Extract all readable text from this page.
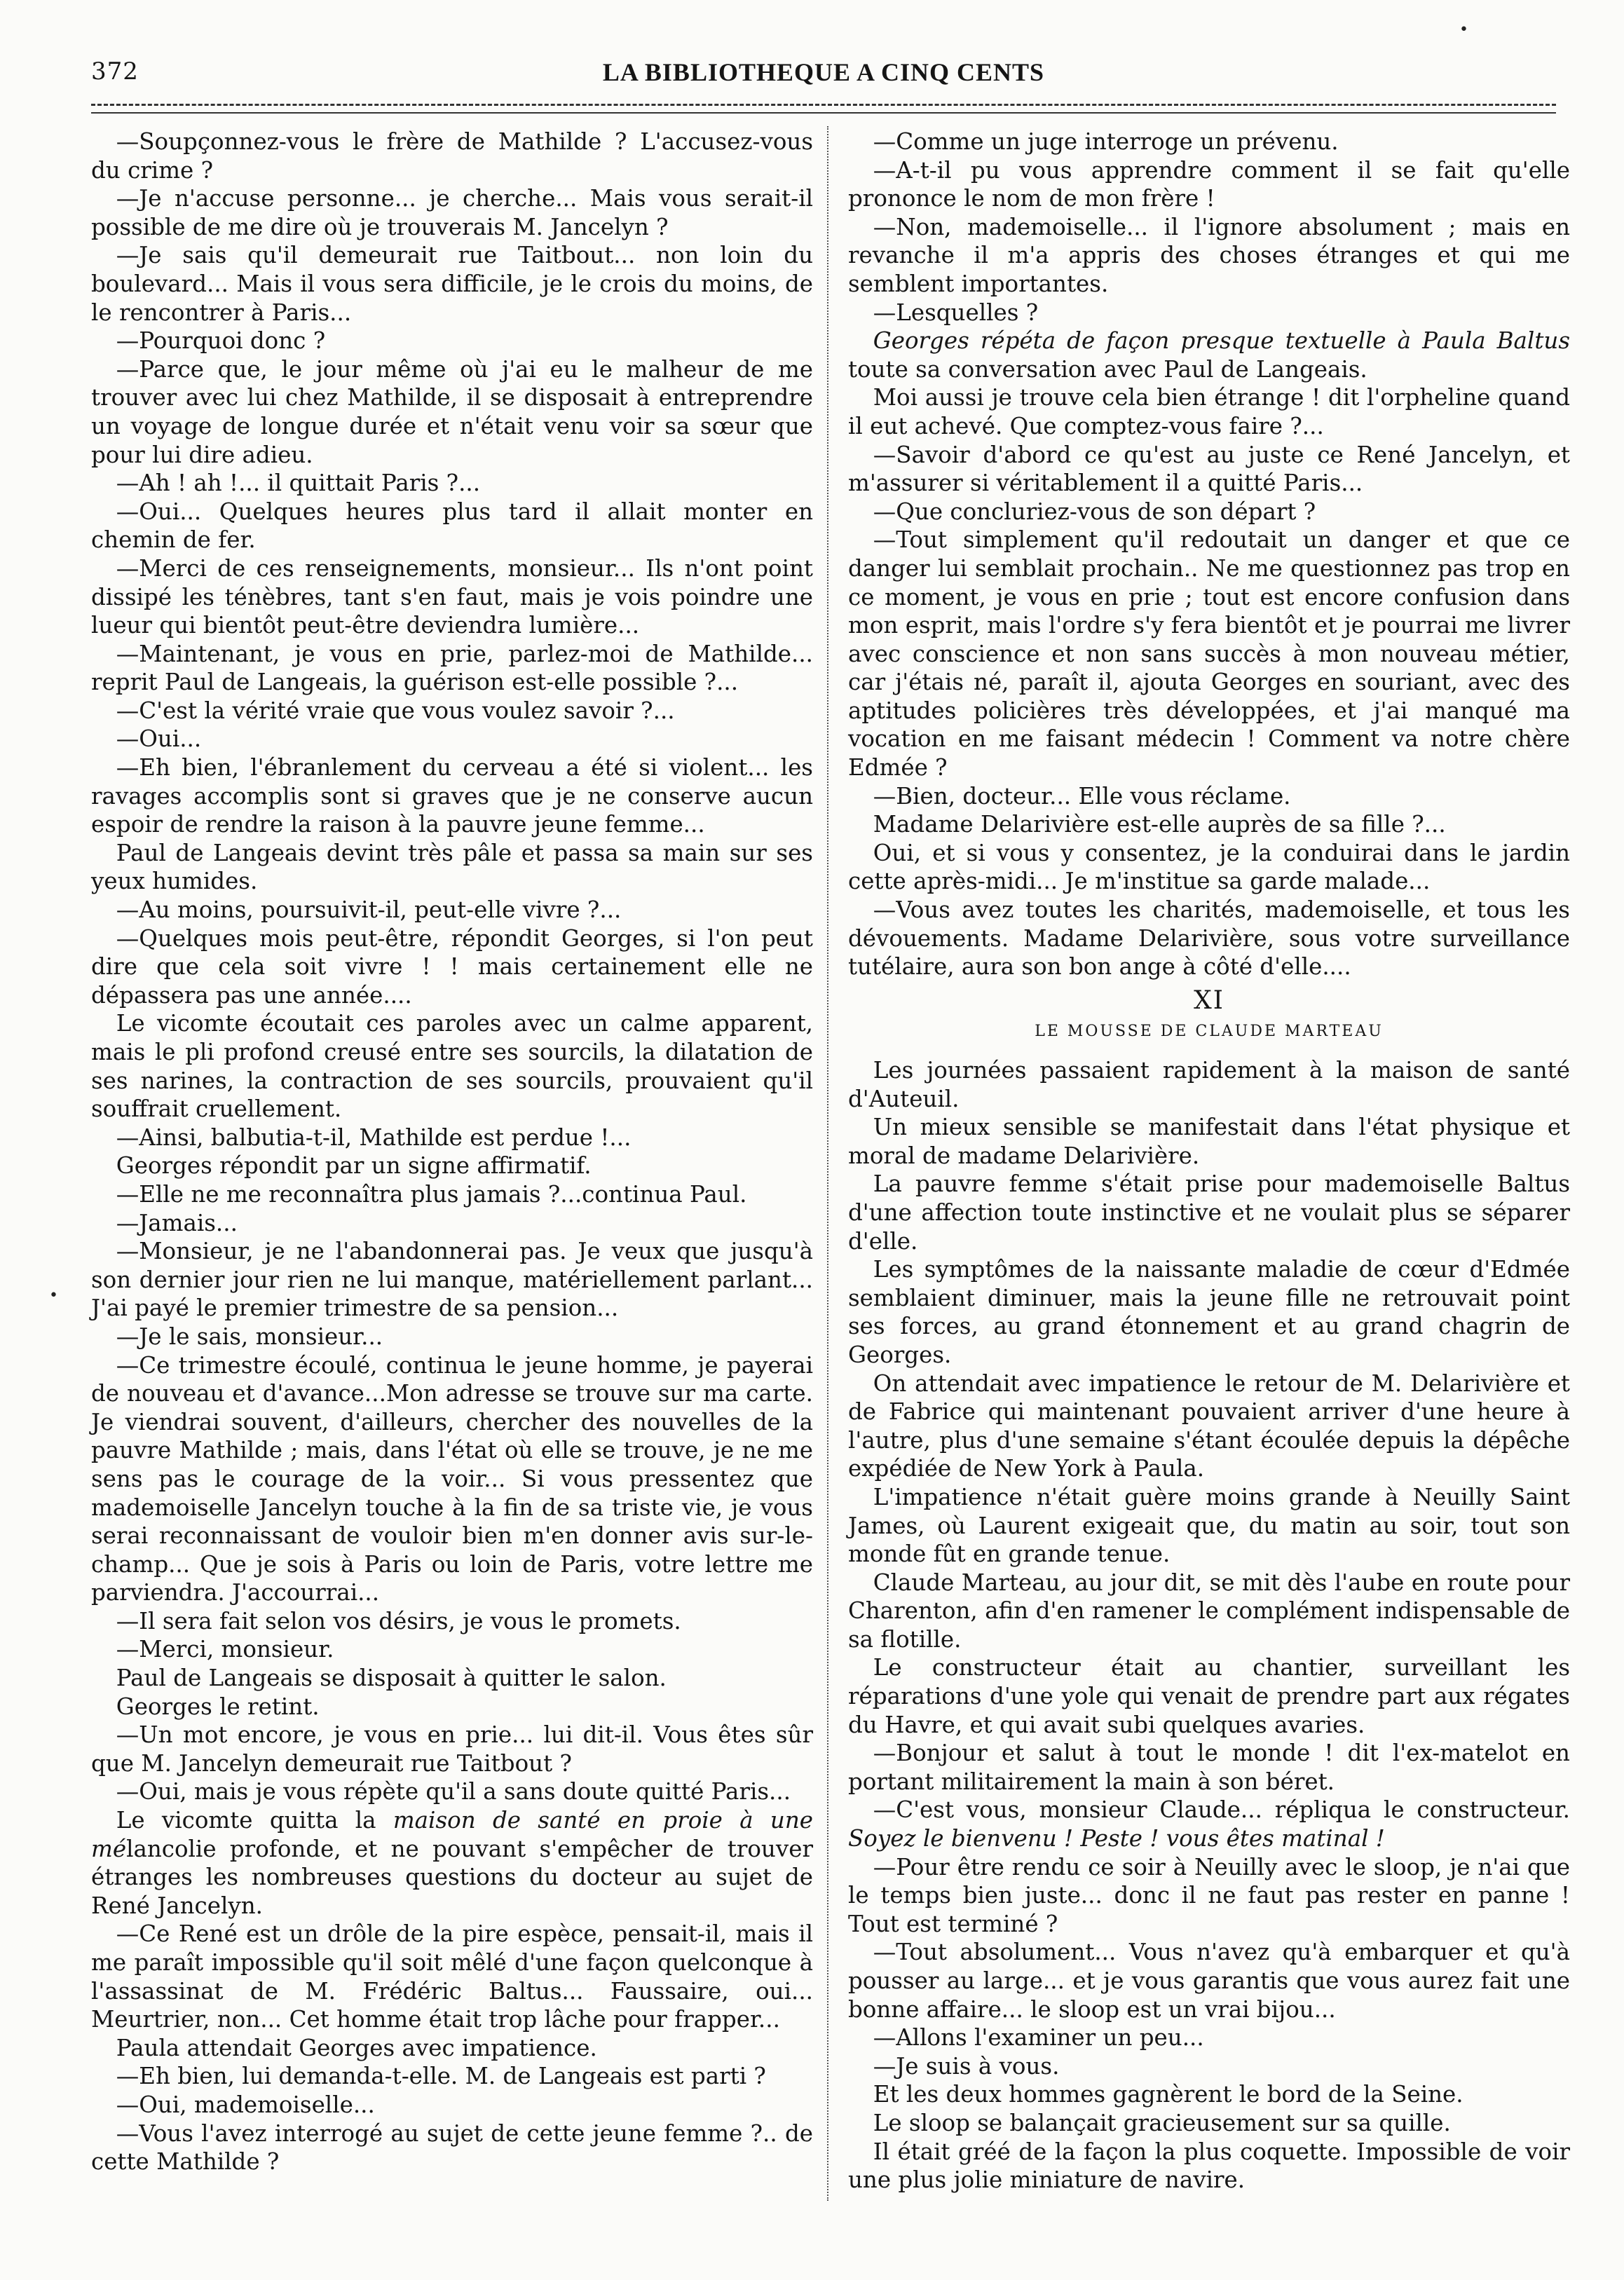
372	LA BIBLIOTHEQUE A CINQ CENTS

—Soupçonnez-vous le frère de Mathilde ? L'accusez-vous du crime ?

—Je n'accuse personne... je cherche... Mais vous serait-il possible de me dire où je trouverais M. Jancelyn ?

—Je sais qu'il demeurait rue Taitbout... non loin du boulevard... Mais il vous sera difficile, je le crois du moins, de le rencontrer à Paris...

—Pourquoi donc ?

—Parce que, le jour même où j'ai eu le malheur de me trouver avec lui chez Mathilde, il se disposait à entreprendre un voyage de longue durée et n'était venu voir sa sœur que pour lui dire adieu.

—Ah ! ah !... il quittait Paris ?...

—Oui... Quelques heures plus tard il allait monter en chemin de fer.

—Merci de ces renseignements, monsieur... Ils n'ont point dissipé les ténèbres, tant s'en faut, mais je vois poindre une lueur qui bientôt peut-être deviendra lumière...

—Maintenant, je vous en prie, parlez-moi de Mathilde... reprit Paul de Langeais, la guérison est-elle possible ?...

—C'est la vérité vraie que vous voulez savoir ?...

—Oui...

—Eh bien, l'ébranlement du cerveau a été si violent... les ravages accomplis sont si graves que je ne conserve aucun espoir de rendre la raison à la pauvre jeune femme...

Paul de Langeais devint très pâle et passa sa main sur ses yeux humides.

—Au moins, poursuivit-il, peut-elle vivre ?...

—Quelques mois peut-être, répondit Georges, si l'on peut dire que cela soit vivre ! ! mais certainement elle ne dépassera pas une année....

Le vicomte écoutait ces paroles avec un calme apparent, mais le pli profond creusé entre ses sourcils, la dilatation de ses narines, la contraction de ses sourcils, prouvaient qu'il souffrait cruellement.

—Ainsi, balbutia-t-il, Mathilde est perdue !...

Georges répondit par un signe affirmatif.

—Elle ne me reconnaîtra plus jamais ?...continua Paul.

—Jamais...

—Monsieur, je ne l'abandonnerai pas. Je veux que jusqu'à son dernier jour rien ne lui manque, matériellement parlant... J'ai payé le premier trimestre de sa pension...

—Je le sais, monsieur...

—Ce trimestre écoulé, continua le jeune homme, je payerai de nouveau et d'avance...Mon adresse se trouve sur ma carte. Je viendrai souvent, d'ailleurs, chercher des nouvelles de la pauvre Mathilde ; mais, dans l'état où elle se trouve, je ne me sens pas le courage de la voir... Si vous pressentez que mademoiselle Jancelyn touche à la fin de sa triste vie, je vous serai reconnaissant de vouloir bien m'en donner avis sur-le-champ... Que je sois à Paris ou loin de Paris, votre lettre me parviendra. J'accourrai...

—Il sera fait selon vos désirs, je vous le promets.

—Merci, monsieur.

Paul de Langeais se disposait à quitter le salon.

Georges le retint.

—Un mot encore, je vous en prie... lui dit-il. Vous êtes sûr que M. Jancelyn demeurait rue Taitbout ?

—Oui, mais je vous répète qu'il a sans doute quitté Paris...

Le vicomte quitta la maison de santé en proie à une mélancolie profonde, et ne pouvant s'empêcher de trouver étranges les nombreuses questions du docteur au sujet de René Jancelyn.

—Ce René est un drôle de la pire espèce, pensait-il, mais il me paraît impossible qu'il soit mêlé d'une façon quelconque à l'assassinat de M. Frédéric Baltus... Faussaire, oui... Meurtrier, non... Cet homme était trop lâche pour frapper...

Paula attendait Georges avec impatience.

—Eh bien, lui demanda-t-elle. M. de Langeais est parti ?

—Oui, mademoiselle...

—Vous l'avez interrogé au sujet de cette jeune femme ?.. de cette Mathilde ?

—Comme un juge interroge un prévenu.

—A-t-il pu vous apprendre comment il se fait qu'elle prononce le nom de mon frère !

—Non, mademoiselle... il l'ignore absolument ; mais en revanche il m'a appris des choses étranges et qui me semblent importantes.

—Lesquelles ?

Georges répéta de façon presque textuelle à Paula Baltus toute sa conversation avec Paul de Langeais.

Moi aussi je trouve cela bien étrange ! dit l'orpheline quand il eut achevé. Que comptez-vous faire ?...

—Savoir d'abord ce qu'est au juste ce René Jancelyn, et m'assurer si véritablement il a quitté Paris...

—Que concluriez-vous de son départ ?

—Tout simplement qu'il redoutait un danger et que ce danger lui semblait prochain.. Ne me questionnez pas trop en ce moment, je vous en prie ; tout est encore confusion dans mon esprit, mais l'ordre s'y fera bientôt et je pourrai me livrer avec conscience et non sans succès à mon nouveau métier, car j'étais né, paraît il, ajouta Georges en souriant, avec des aptitudes policières très développées, et j'ai manqué ma vocation en me faisant médecin ! Comment va notre chère Edmée ?

—Bien, docteur... Elle vous réclame.

Madame Delarivière est-elle auprès de sa fille ?...

Oui, et si vous y consentez, je la conduirai dans le jardin cette après-midi... Je m'institue sa garde malade...

—Vous avez toutes les charités, mademoiselle, et tous les dévouements. Madame Delarivière, sous votre surveillance tutélaire, aura son bon ange à côté d'elle....

XI
LE MOUSSE DE CLAUDE MARTEAU

Les journées passaient rapidement à la maison de santé d'Auteuil.

Un mieux sensible se manifestait dans l'état physique et moral de madame Delarivière.

La pauvre femme s'était prise pour mademoiselle Baltus d'une affection toute instinctive et ne voulait plus se séparer d'elle.

Les symptômes de la naissante maladie de cœur d'Edmée semblaient diminuer, mais la jeune fille ne retrouvait point ses forces, au grand étonnement et au grand chagrin de Georges.

On attendait avec impatience le retour de M. Delarivière et de Fabrice qui maintenant pouvaient arriver d'une heure à l'autre, plus d'une semaine s'étant écoulée depuis la dépêche expédiée de New York à Paula.

L'impatience n'était guère moins grande à Neuilly Saint James, où Laurent exigeait que, du matin au soir, tout son monde fût en grande tenue.

Claude Marteau, au jour dit, se mit dès l'aube en route pour Charenton, afin d'en ramener le complément indispensable de sa flotille.

Le constructeur était au chantier, surveillant les réparations d'une yole qui venait de prendre part aux régates du Havre, et qui avait subi quelques avaries.

—Bonjour et salut à tout le monde ! dit l'ex-matelot en portant militairement la main à son béret.

—C'est vous, monsieur Claude... répliqua le constructeur. Soyez le bienvenu ! Peste ! vous êtes matinal !

—Pour être rendu ce soir à Neuilly avec le sloop, je n'ai que le temps bien juste... donc il ne faut pas rester en panne ! Tout est terminé ?

—Tout absolument... Vous n'avez qu'à embarquer et qu'à pousser au large... et je vous garantis que vous aurez fait une bonne affaire... le sloop est un vrai bijou...

—Allons l'examiner un peu...

—Je suis à vous.

Et les deux hommes gagnèrent le bord de la Seine.

Le sloop se balançait gracieusement sur sa quille.

Il était gréé de la façon la plus coquette. Impossible de voir une plus jolie miniature de navire.

•
•
